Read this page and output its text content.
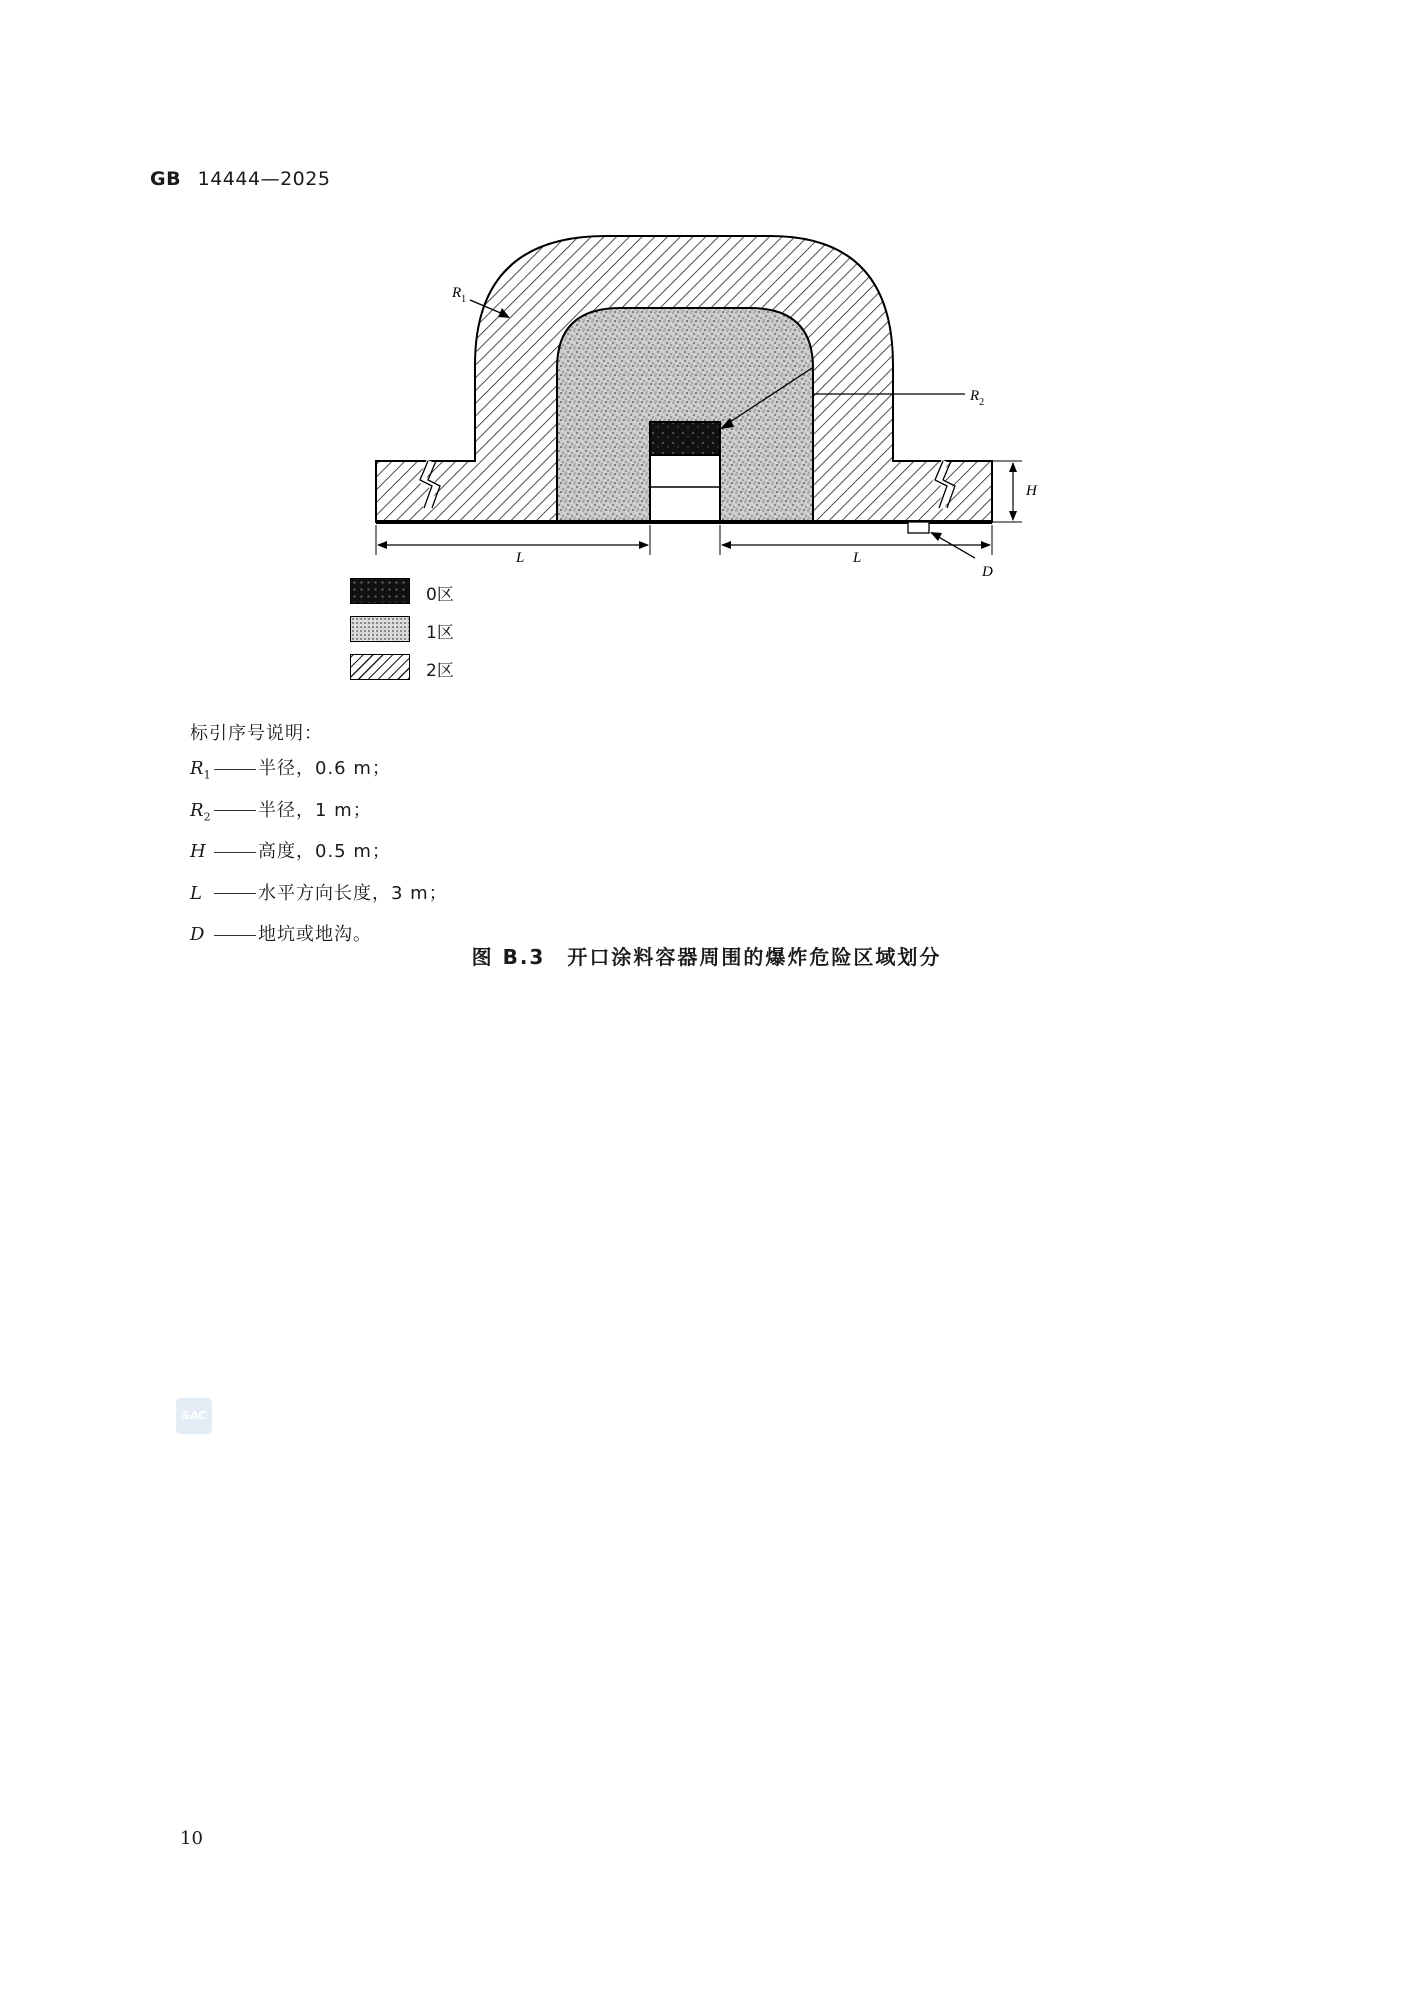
GB 14444—2025
$R_1$
$R_2$
H
L	L
D
0区
1区
2区
标引序号说明：
$R_1$	半径，0.6 m；
$R_2$	半径，1 m；
H	高度，0.5 m；
L	水平方向长度，3 m；
D	地坑或地沟。
图 B.3　开口涂料容器周围的爆炸危险区域划分
SAC
10
